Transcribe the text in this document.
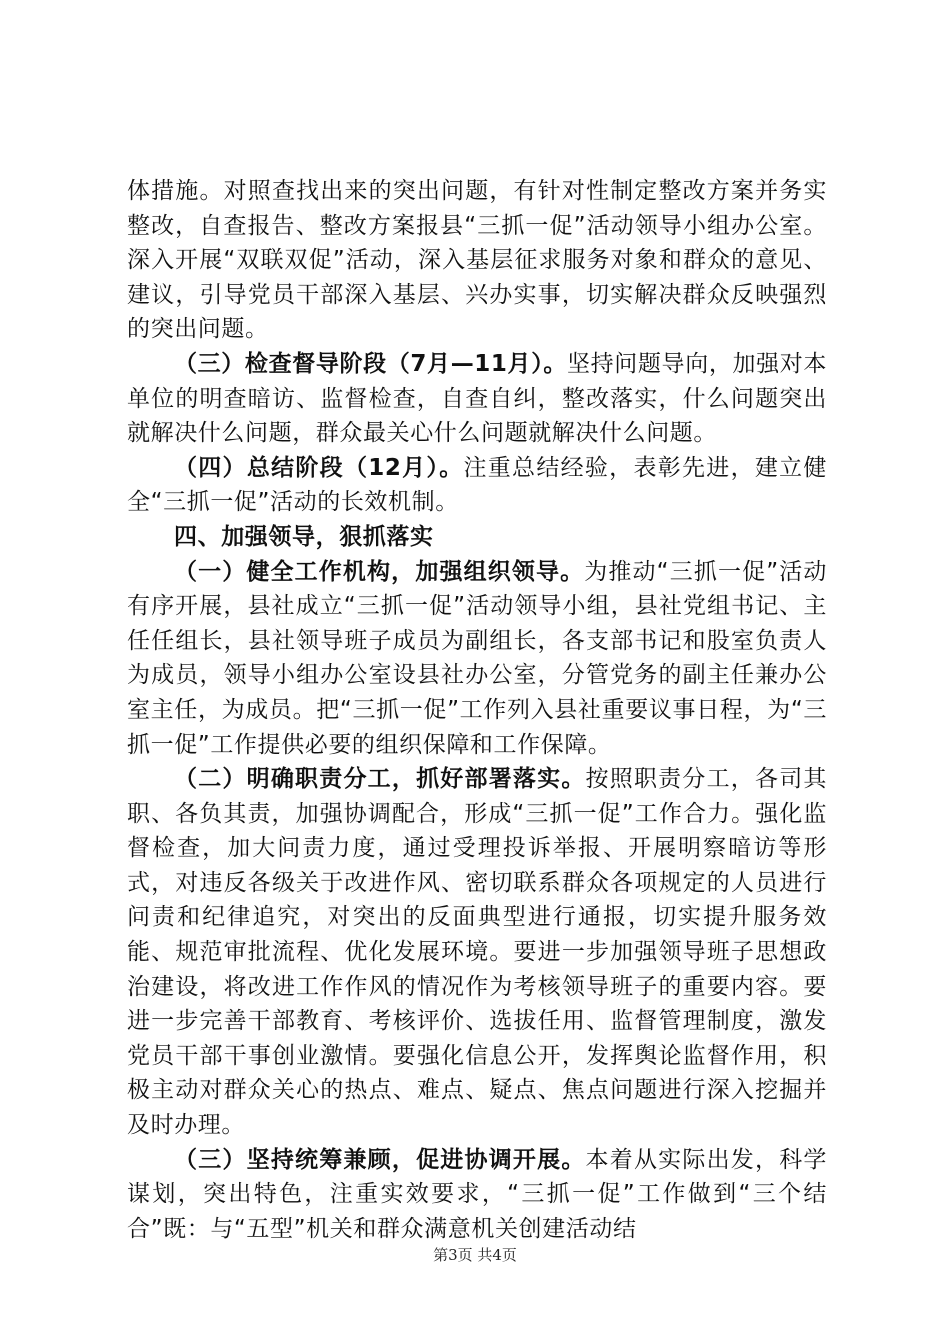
体措施。对照查找出来的突出问题，有针对性制定整改方案并务实整改，自查报告、整改方案报县“三抓一促”活动领导小组办公室。深入开展“双联双促”活动，深入基层征求服务对象和群众的意见、建议，引导党员干部深入基层、兴办实事，切实解决群众反映强烈的突出问题。

（三）检查督导阶段（7月—11月）。坚持问题导向，加强对本单位的明查暗访、监督检查，自查自纠，整改落实，什么问题突出就解决什么问题，群众最关心什么问题就解决什么问题。

（四）总结阶段（12月）。注重总结经验，表彰先进，建立健全“三抓一促”活动的长效机制。

四、加强领导，狠抓落实

（一）健全工作机构，加强组织领导。为推动“三抓一促”活动有序开展，县社成立“三抓一促”活动领导小组，县社党组书记、主任任组长，县社领导班子成员为副组长，各支部书记和股室负责人为成员，领导小组办公室设县社办公室，分管党务的副主任兼办公室主任，为成员。把“三抓一促”工作列入县社重要议事日程，为“三抓一促”工作提供必要的组织保障和工作保障。

（二）明确职责分工，抓好部署落实。按照职责分工，各司其职、各负其责，加强协调配合，形成“三抓一促”工作合力。强化监督检查，加大问责力度，通过受理投诉举报、开展明察暗访等形式，对违反各级关于改进作风、密切联系群众各项规定的人员进行问责和纪律追究，对突出的反面典型进行通报，切实提升服务效能、规范审批流程、优化发展环境。要进一步加强领导班子思想政治建设，将改进工作作风的情况作为考核领导班子的重要内容。要进一步完善干部教育、考核评价、选拔任用、监督管理制度，激发党员干部干事创业激情。要强化信息公开，发挥舆论监督作用，积极主动对群众关心的热点、难点、疑点、焦点问题进行深入挖掘并及时办理。

（三）坚持统筹兼顾，促进协调开展。本着从实际出发，科学谋划，突出特色，注重实效要求，“三抓一促”工作做到“三个结合”既：与“五型”机关和群众满意机关创建活动结

第3页 共4页
